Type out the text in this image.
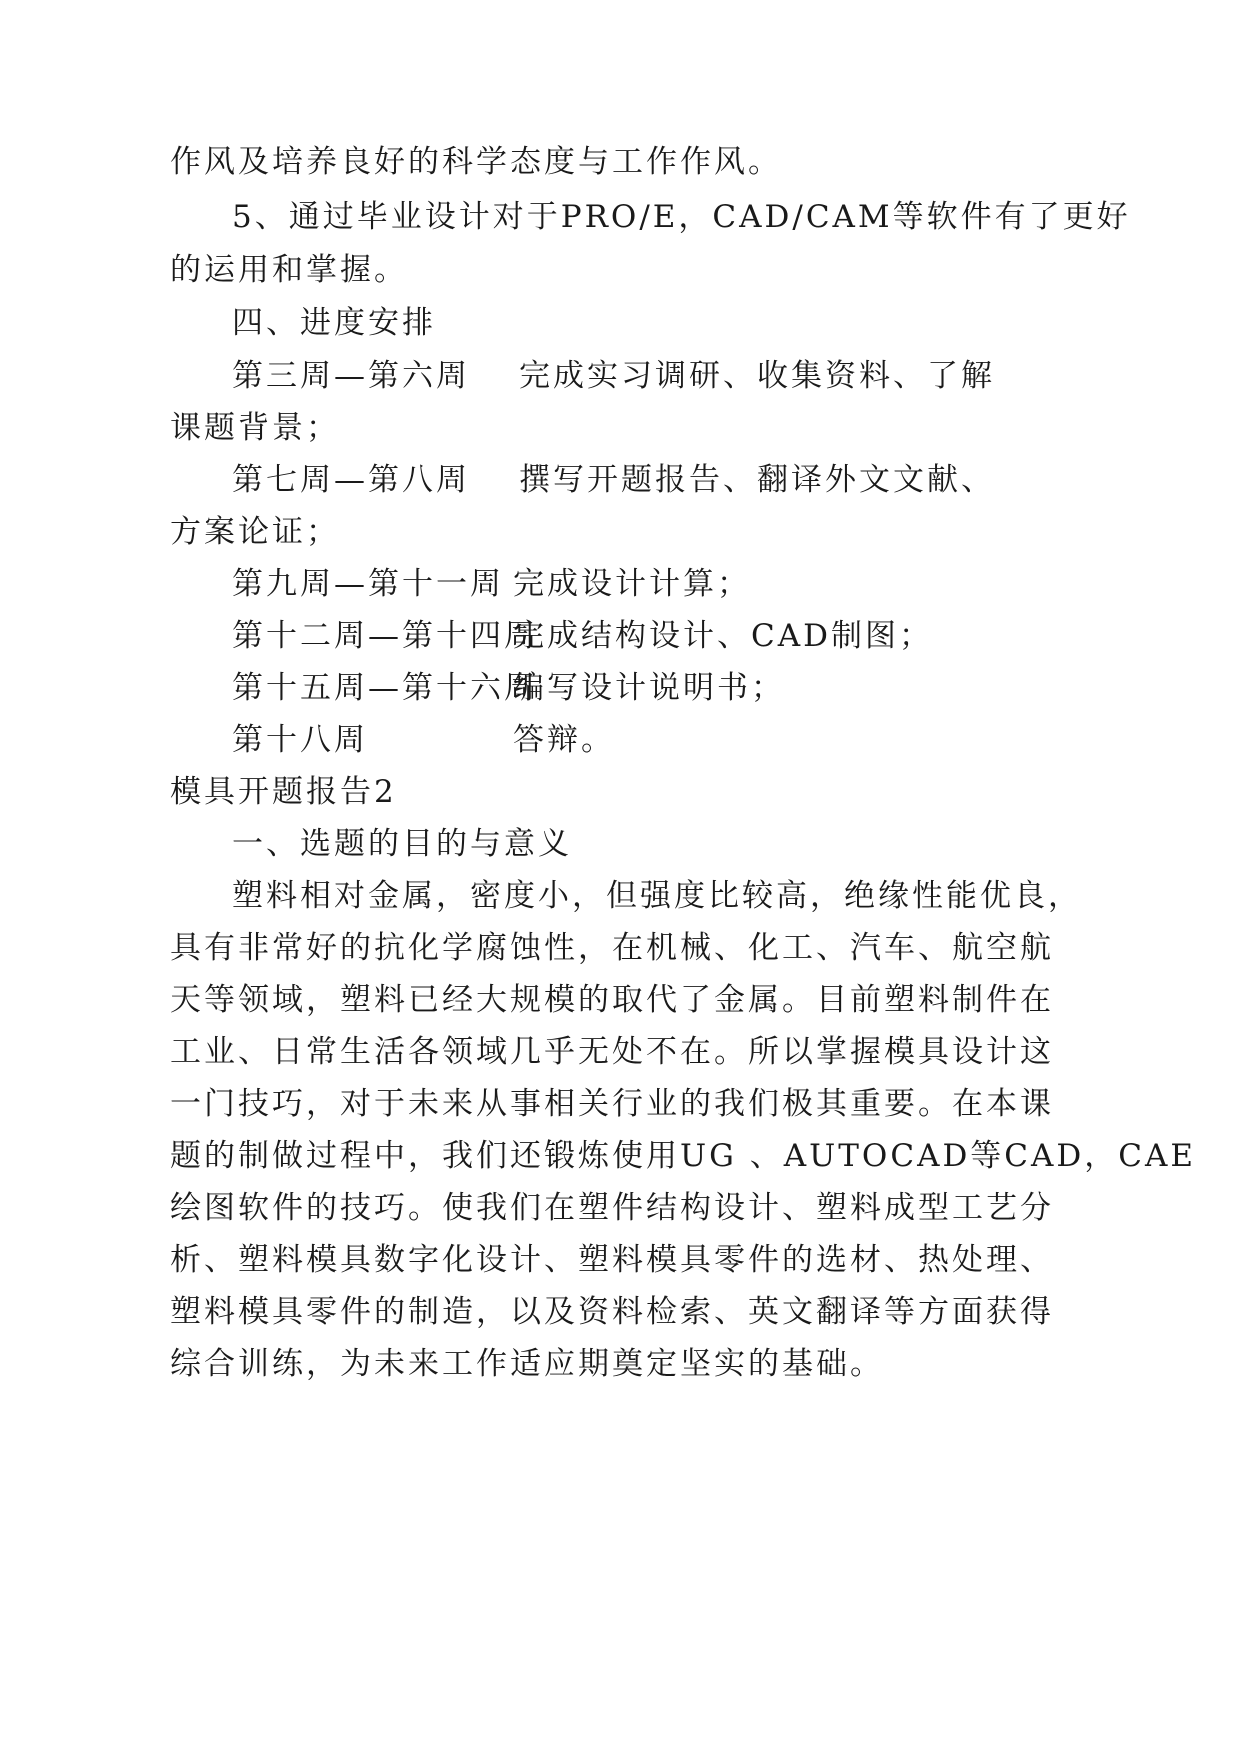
作风及培养良好的科学态度与工作作风。
5、通过毕业设计对于PRO/E，CAD/CAM等软件有了更好
的运用和掌握。
四、进度安排
第三周—第六周 完成实习调研、收集资料、了解
课题背景；
第七周—第八周 撰写开题报告、翻译外文文献、
方案论证；
第九周—第十一周 完成设计计算；
第十二周—第十四周
完成结构设计、CAD制图；
第十五周—第十六周
编写设计说明书；
第十八周	答辩。
模具开题报告2
一、选题的目的与意义
塑料相对金属，密度小，但强度比较高，绝缘性能优良，
具有非常好的抗化学腐蚀性，在机械、化工、汽车、航空航
天等领域，塑料已经大规模的取代了金属。目前塑料制件在
工业、日常生活各领域几乎无处不在。所以掌握模具设计这
一门技巧，对于未来从事相关行业的我们极其重要。在本课
题的制做过程中，我们还锻炼使用UG 、AUTOCAD等CAD，CAE
绘图软件的技巧。使我们在塑件结构设计、塑料成型工艺分
析、塑料模具数字化设计、塑料模具零件的选材、热处理、
塑料模具零件的制造，以及资料检索、英文翻译等方面获得
综合训练，为未来工作适应期奠定坚实的基础。
